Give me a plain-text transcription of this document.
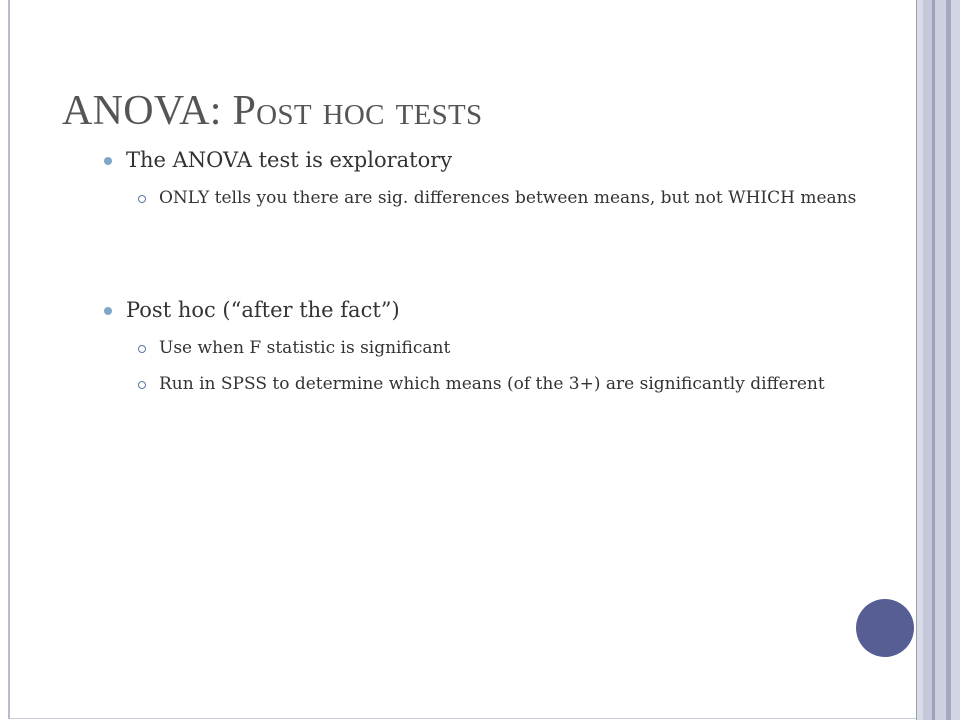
ANOVA: Post hoc tests
The ANOVA test is exploratory
ONLY tells you there are sig. differences between means, but not WHICH means
Post hoc (“after the fact”)
Use when F statistic is significant
Run in SPSS to determine which means (of the 3+) are significantly different
